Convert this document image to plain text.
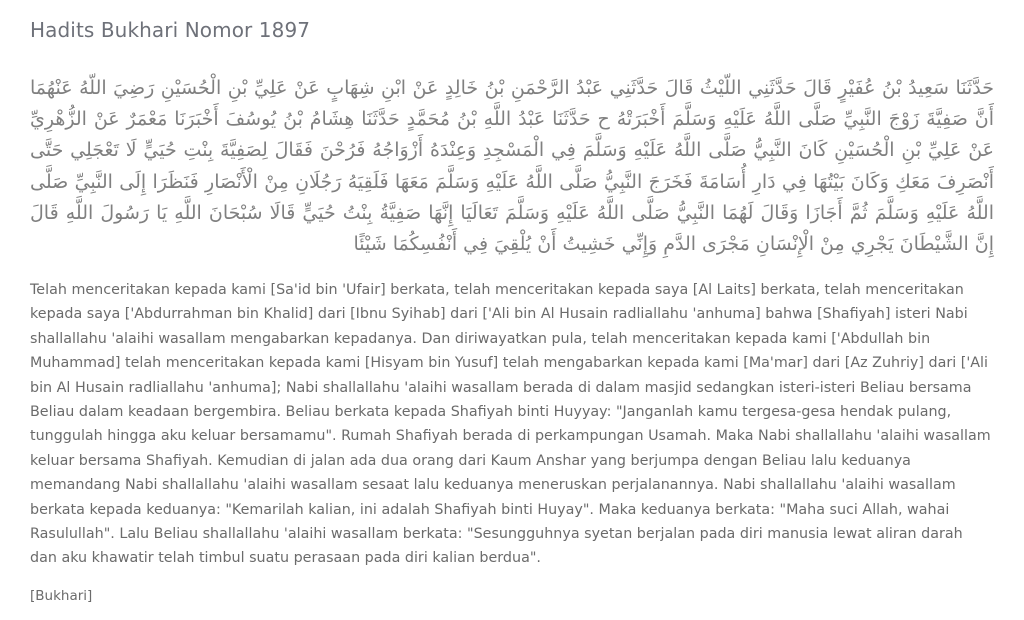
Hadits Bukhari Nomor 1897
حَدَّثَنَا سَعِيدُ بْنُ عُفَيْرٍ قَالَ حَدَّثَنِي اللَّيْثُ قَالَ حَدَّثَنِي عَبْدُ الرَّحْمَنِ بْنُ خَالِدٍ عَنْ ابْنِ شِهَابٍ عَنْ عَلِيِّ بْنِ الْحُسَيْنِ رَضِيَ اللَّهُ عَنْهُمَا أَنَّ صَفِيَّةَ زَوْجَ النَّبِيِّ صَلَّى اللَّهُ عَلَيْهِ وَسَلَّمَ أَخْبَرَتْهُ ح حَدَّثَنَا عَبْدُ اللَّهِ بْنُ مُحَمَّدٍ حَدَّثَنَا هِشَامُ بْنُ يُوسُفَ أَخْبَرَنَا مَعْمَرٌ عَنْ الزُّهْرِيِّ عَنْ عَلِيِّ بْنِ الْحُسَيْنِ كَانَ النَّبِيُّ صَلَّى اللَّهُ عَلَيْهِ وَسَلَّمَ فِي الْمَسْجِدِ وَعِنْدَهُ أَزْوَاجُهُ فَرُحْنَ فَقَالَ لِصَفِيَّةَ بِنْتِ حُيَيٍّ لَا تَعْجَلِي حَتَّى أَنْصَرِفَ مَعَكِ وَكَانَ بَيْتُهَا فِي دَارِ أُسَامَةَ فَخَرَجَ النَّبِيُّ صَلَّى اللَّهُ عَلَيْهِ وَسَلَّمَ مَعَهَا فَلَقِيَهُ رَجُلَانِ مِنْ الْأَنْصَارِ فَنَظَرَا إِلَى النَّبِيِّ صَلَّى اللَّهُ عَلَيْهِ وَسَلَّمَ ثُمَّ أَجَازَا وَقَالَ لَهُمَا النَّبِيُّ صَلَّى اللَّهُ عَلَيْهِ وَسَلَّمَ تَعَالَيَا إِنَّهَا صَفِيَّةُ بِنْتُ حُيَيٍّ قَالَا سُبْحَانَ اللَّهِ يَا رَسُولَ اللَّهِ قَالَ إِنَّ الشَّيْطَانَ يَجْرِي مِنْ الْإِنْسَانِ مَجْرَى الدَّمِ وَإِنِّي خَشِيتُ أَنْ يُلْقِيَ فِي أَنْفُسِكُمَا شَيْئًا
Telah menceritakan kepada kami [Sa'id bin 'Ufair] berkata, telah menceritakan kepada saya [Al Laits] berkata, telah menceritakan kepada saya ['Abdurrahman bin Khalid] dari [Ibnu Syihab] dari ['Ali bin Al Husain radliallahu 'anhuma] bahwa [Shafiyah] isteri Nabi shallallahu 'alaihi wasallam mengabarkan kepadanya. Dan diriwayatkan pula, telah menceritakan kepada kami ['Abdullah bin Muhammad] telah menceritakan kepada kami [Hisyam bin Yusuf] telah mengabarkan kepada kami [Ma'mar] dari [Az Zuhriy] dari ['Ali bin Al Husain radliallahu 'anhuma]; Nabi shallallahu 'alaihi wasallam berada di dalam masjid sedangkan isteri-isteri Beliau bersama Beliau dalam keadaan bergembira. Beliau berkata kepada Shafiyah binti Huyyay: "Janganlah kamu tergesa-gesa hendak pulang, tunggulah hingga aku keluar bersamamu". Rumah Shafiyah berada di perkampungan Usamah. Maka Nabi shallallahu 'alaihi wasallam keluar bersama Shafiyah. Kemudian di jalan ada dua orang dari Kaum Anshar yang berjumpa dengan Beliau lalu keduanya memandang Nabi shallallahu 'alaihi wasallam sesaat lalu keduanya meneruskan perjalanannya. Nabi shallallahu 'alaihi wasallam berkata kepada keduanya: "Kemarilah kalian, ini adalah Shafiyah binti Huyay". Maka keduanya berkata: "Maha suci Allah, wahai Rasulullah". Lalu Beliau shallallahu 'alaihi wasallam berkata: "Sesungguhnya syetan berjalan pada diri manusia lewat aliran darah dan aku khawatir telah timbul suatu perasaan pada diri kalian berdua".
[Bukhari]
